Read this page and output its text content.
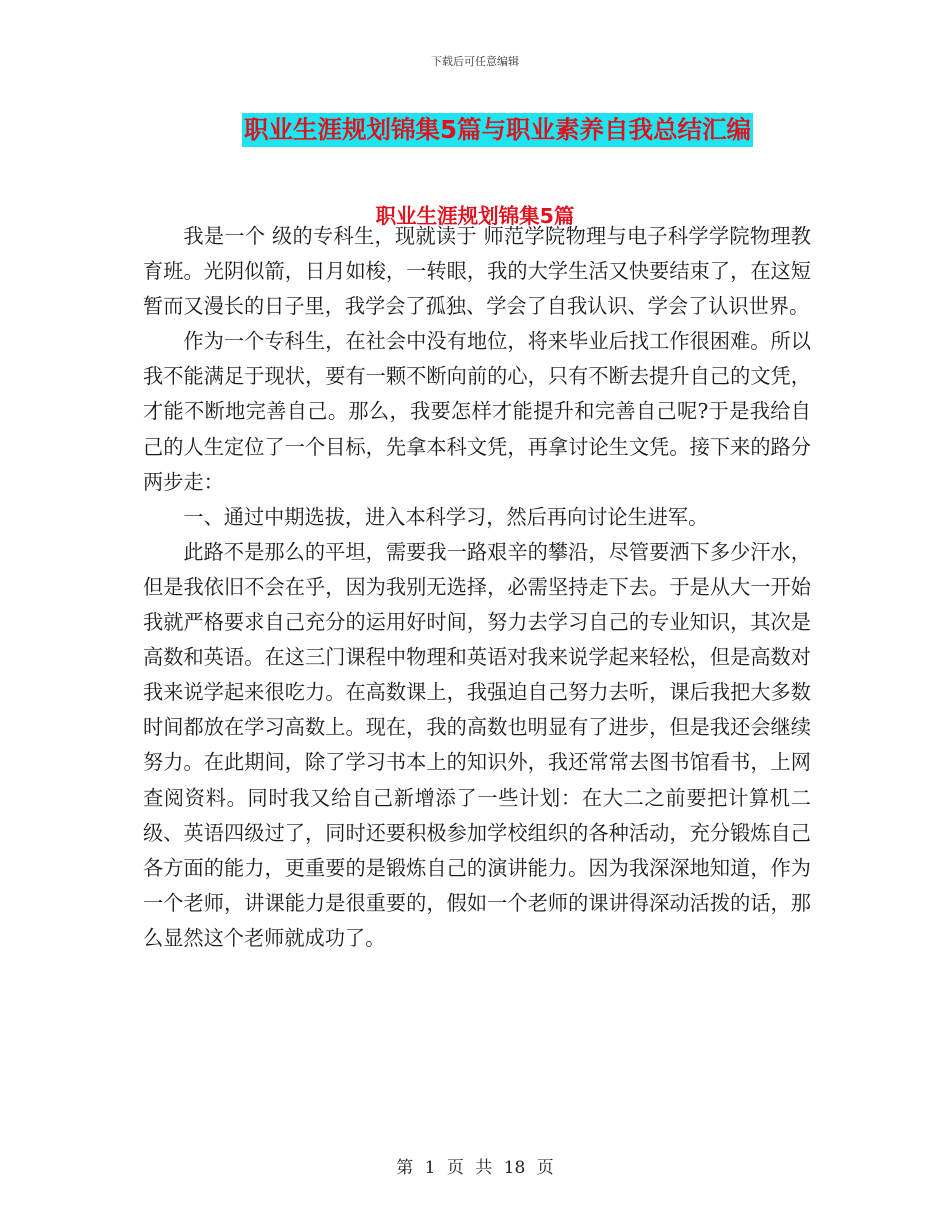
下载后可任意编辑
职业生涯规划锦集5篇与职业素养自我总结汇编
职业生涯规划锦集5篇

我是一个 级的专科生，现就读于 师范学院物理与电子科学学院物理教育班。光阴似箭，日月如梭，一转眼，我的大学生活又快要结束了，在这短暂而又漫长的日子里，我学会了孤独、学会了自我认识、学会了认识世界。

作为一个专科生，在社会中没有地位，将来毕业后找工作很困难。所以我不能满足于现状，要有一颗不断向前的心，只有不断去提升自己的文凭，才能不断地完善自己。那么，我要怎样才能提升和完善自己呢?于是我给自己的人生定位了一个目标，先拿本科文凭，再拿讨论生文凭。接下来的路分两步走：

一、通过中期选拔，进入本科学习，然后再向讨论生进军。

此路不是那么的平坦，需要我一路艰辛的攀沿，尽管要洒下多少汗水，但是我依旧不会在乎，因为我别无选择，必需坚持走下去。于是从大一开始我就严格要求自己充分的运用好时间，努力去学习自己的专业知识，其次是高数和英语。在这三门课程中物理和英语对我来说学起来轻松，但是高数对我来说学起来很吃力。在高数课上，我强迫自己努力去听，课后我把大多数时间都放在学习高数上。现在，我的高数也明显有了进步，但是我还会继续努力。在此期间，除了学习书本上的知识外，我还常常去图书馆看书，上网查阅资料。同时我又给自己新增添了一些计划：在大二之前要把计算机二级、英语四级过了，同时还要积极参加学校组织的各种活动，充分锻炼自己各方面的能力，更重要的是锻炼自己的演讲能力。因为我深深地知道，作为一个老师，讲课能力是很重要的，假如一个老师的课讲得深动活拨的话，那么显然这个老师就成功了。

第 1 页 共 18 页
